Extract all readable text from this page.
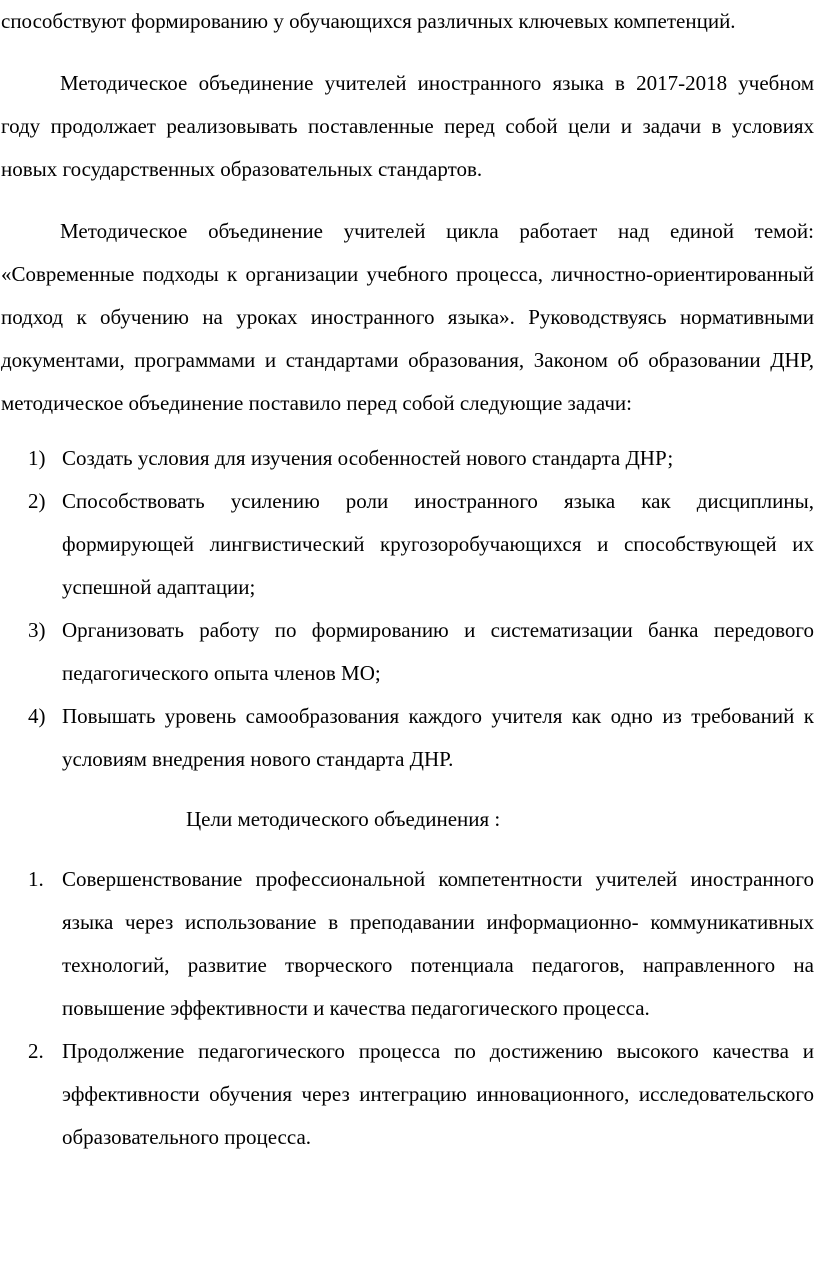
способствуют формированию у обучающихся различных ключевых компетенций.

Методическое объединение учителей иностранного языка в 2017-2018 учебном году продолжает реализовывать поставленные перед собой цели и задачи в условиях новых государственных образовательных стандартов.

Методическое объединение учителей цикла работает над единой темой: «Современные подходы к организации учебного процесса, личностно-ориентированный подход к обучению на уроках иностранного языка». Руководствуясь нормативными документами, программами и стандартами образования, Законом об образовании ДНР, методическое объединение поставило перед собой следующие задачи:

1) Создать условия для изучения особенностей нового стандарта ДНР;
2) Способствовать усилению роли иностранного языка как дисциплины, формирующей лингвистический кругозоробучающихся и способствующей их успешной адаптации;
3) Организовать работу по формированию и систематизации банка передового педагогического опыта членов МО;
4) Повышать уровень самообразования каждого учителя как одно из требований к условиям внедрения нового стандарта ДНР.

Цели методического объединения :

1. Совершенствование профессиональной компетентности учителей иностранного языка через использование в преподавании информационно- коммуникативных технологий, развитие творческого потенциала педагогов, направленного на повышение эффективности и качества педагогического процесса.
2. Продолжение педагогического процесса по достижению высокого качества и эффективности обучения через интеграцию инновационного, исследовательского образовательного процесса.
